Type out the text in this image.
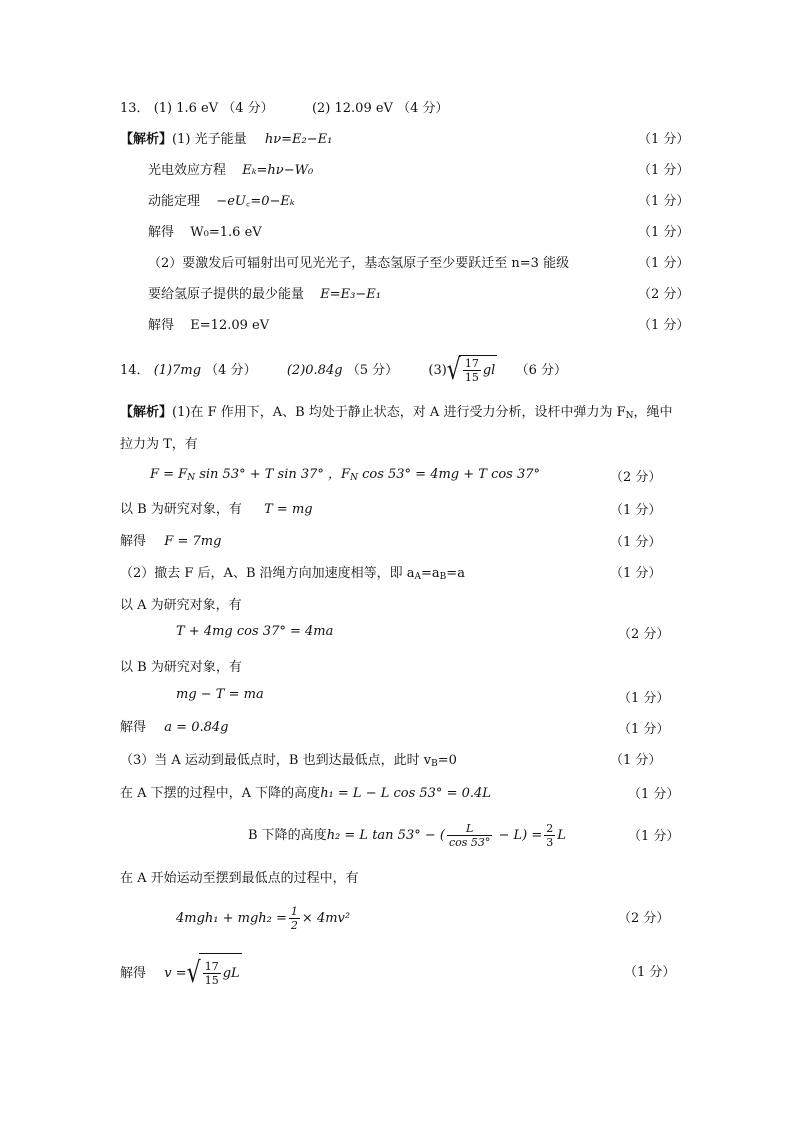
13． (1) 1.6 eV （4 分）	(2) 12.09 eV （4 分）
【解析】(1) 光子能量 hν=E₂−E₁	（1 分）
光电效应方程 Eₖ=hν−W₀	（1 分）
动能定理 −eU꜀=0−Eₖ	（1 分）
解得 W₀=1.6 eV	（1 分）
（2）要激发后可辐射出可见光光子，基态氢原子至少要跃迁至 n=3 能级	（1 分）
要给氢原子提供的最少能量 E=E₃−E₁	（2 分）
解得 E=12.09 eV	（1 分）
14． (1)7mg （4 分） (2)0.84g （5 分） $(3)√ \frac{17}{15}$ gl （6 分）
【解析】(1)在 F 作用下，A、B 均处于静止状态，对 A 进行受力分析，设杆中弹力为 $F_N$，绳中
拉力为 T，有
$F = F_N$ sin 53° + T sin 37° ，$F_N$ cos 53° = 4mg + T cos 37°	（2 分）
以 B 为研究对象，有 T = mg	（1 分）
解得 F = 7mg	（1 分）
（2）撤去 F 后，A、B 沿绳方向加速度相等，即 $a_A=a_B=a$	（1 分）
以 A 为研究对象，有
T + 4mg cos 37° = 4ma	（2 分）
以 B 为研究对象，有
mg − T = ma	（1 分）
解得 a = 0.84g	（1 分）
（3）当 A 运动到最低点时，B 也到达最低点，此时 $v_B=0$	（1 分）
在 A 下摆的过程中，A 下降的高度h₁ = L − L cos 53° = 0.4L	（1 分）
B 下降的高度h₂ = L tan 53° − ( $\frac{L}{\cos 53^\circ} - L) = \frac{2}{3}$ L	（1 分）
在 A 开始运动至摆到最低点的过程中，有
$4mgh_1 + mgh_2 = \frac{1}{2} \times 4mv^2$	（2 分）
解得 v =√ $\frac{17}{15}$ gL	（1 分）
